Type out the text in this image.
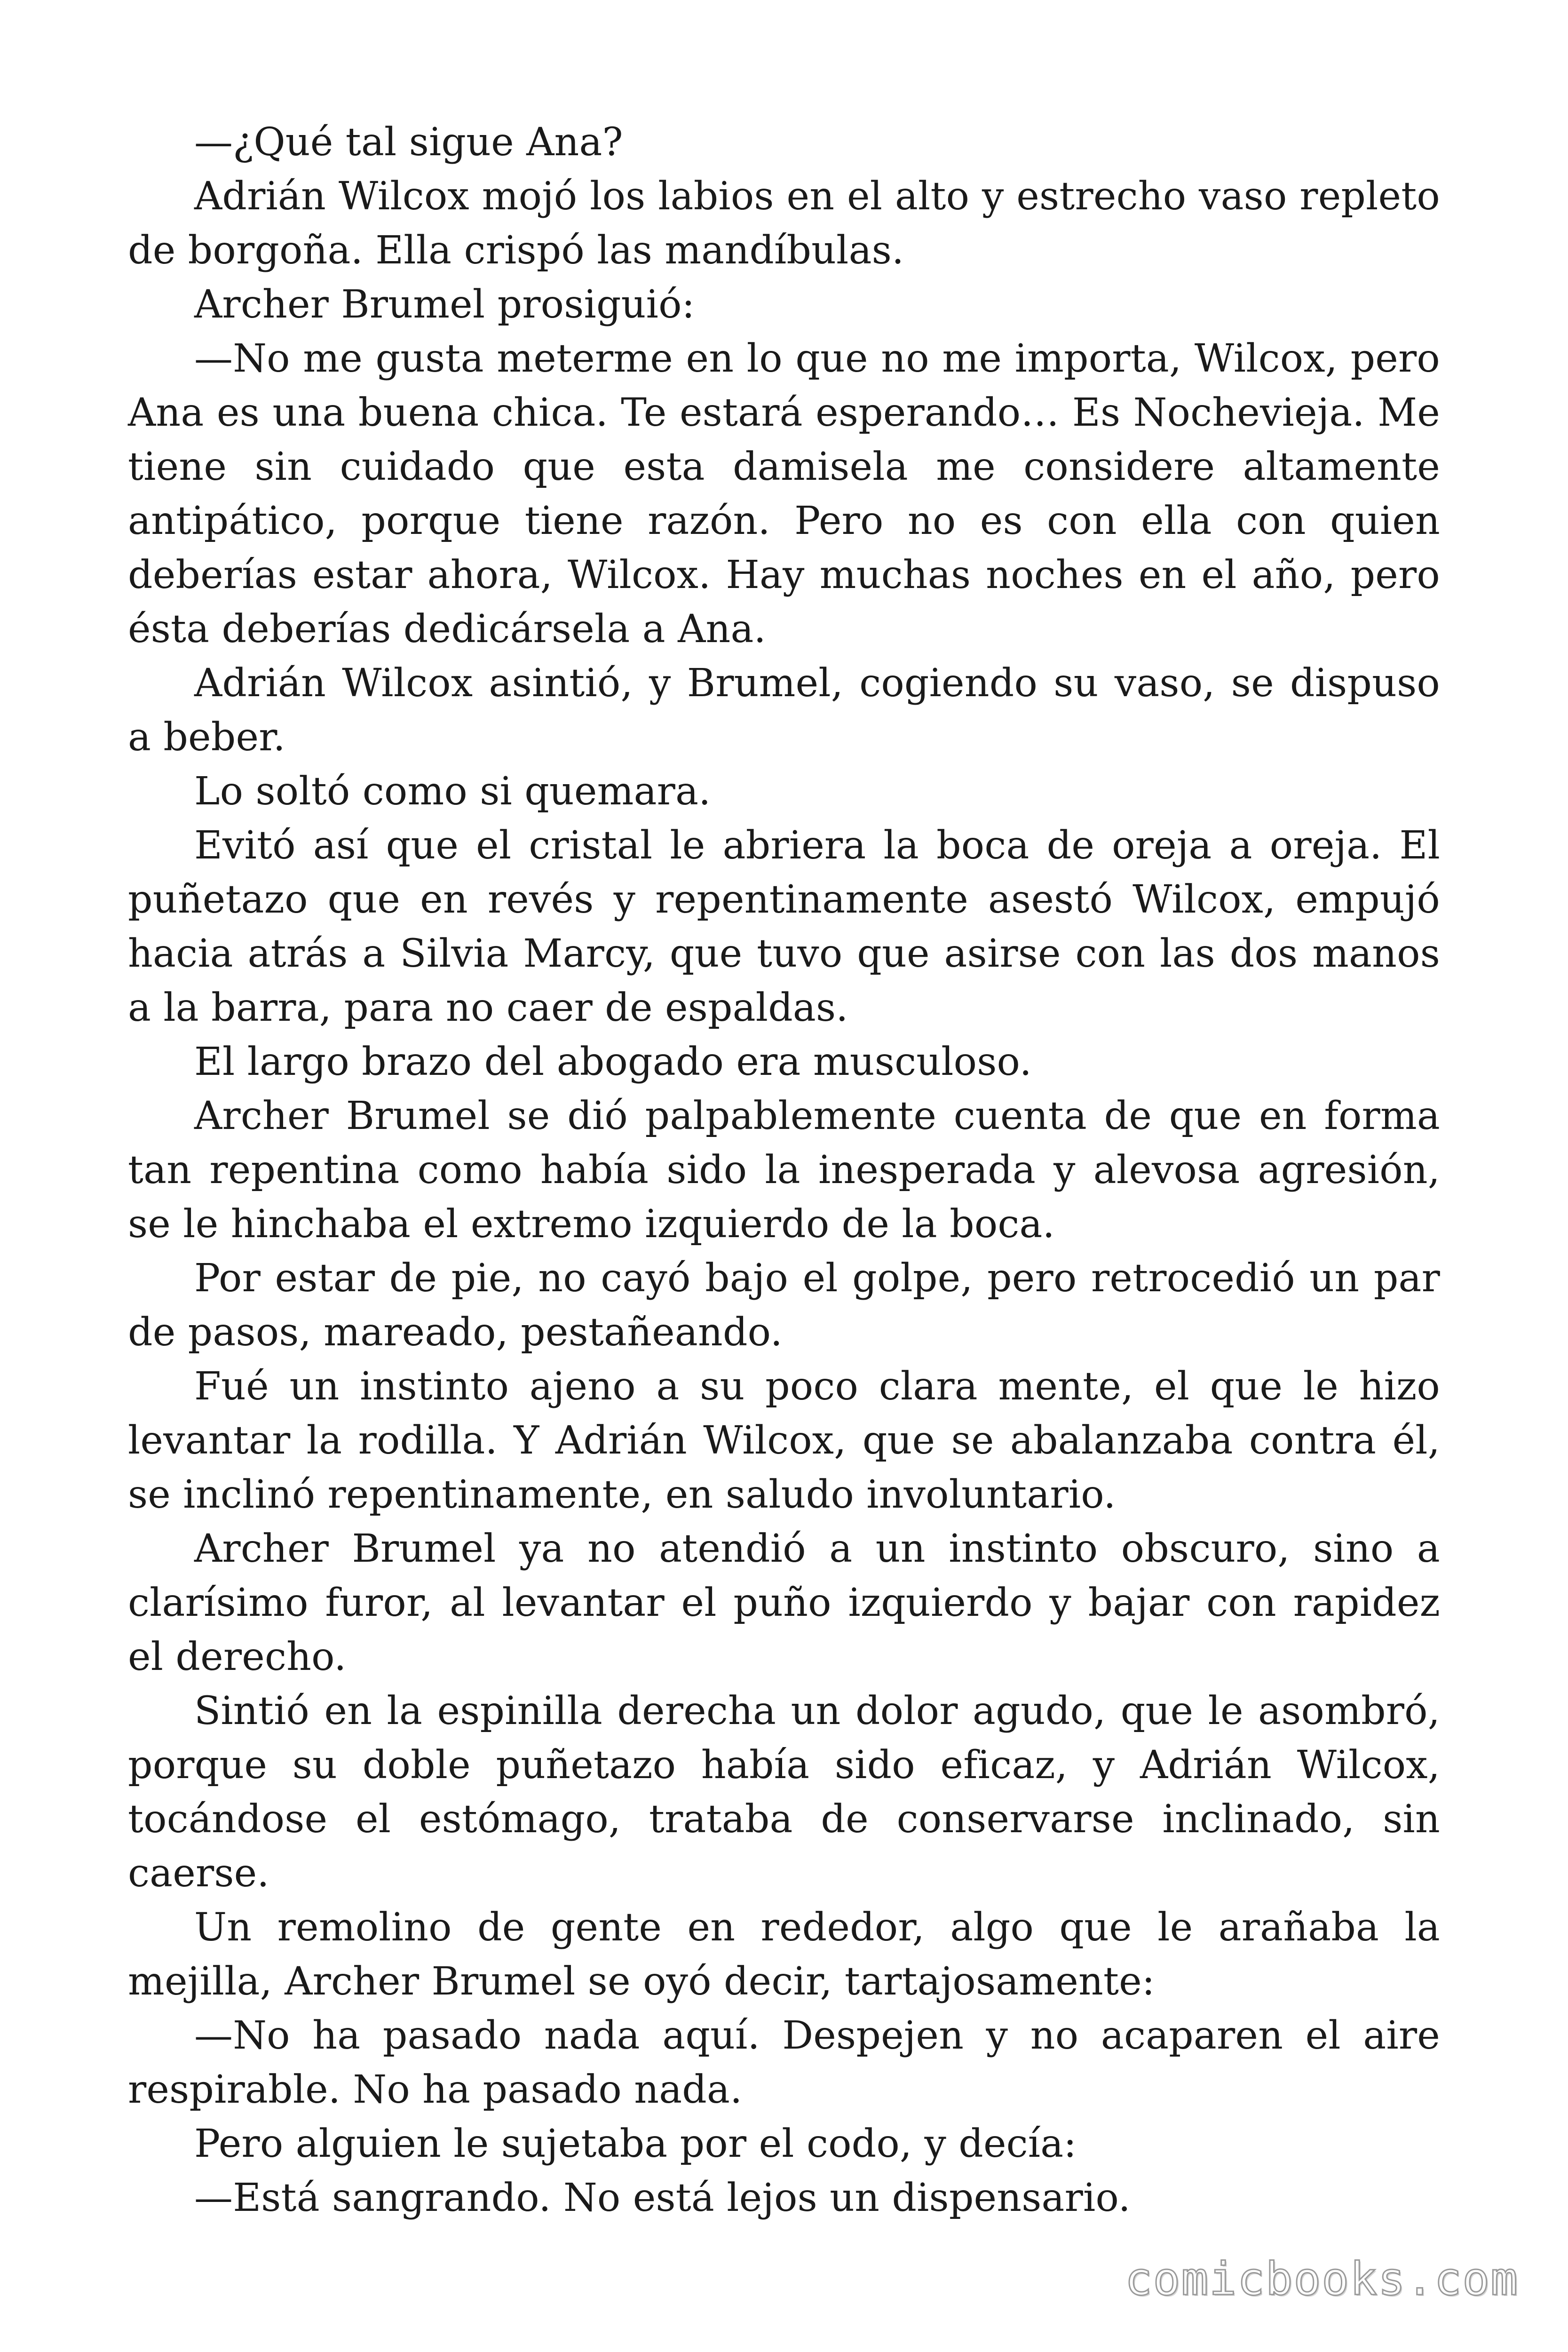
—¿Qué tal sigue Ana?

Adrián Wilcox mojó los labios en el alto y estrecho vaso repleto de borgoña. Ella crispó las mandíbulas.

Archer Brumel prosiguió:

—No me gusta meterme en lo que no me importa, Wilcox, pero Ana es una buena chica. Te estará esperando… Es Nochevieja. Me tiene sin cuidado que esta damisela me considere altamente antipático, porque tiene razón. Pero no es con ella con quien deberías estar ahora, Wilcox. Hay muchas noches en el año, pero ésta deberías dedicársela a Ana.

Adrián Wilcox asintió, y Brumel, cogiendo su vaso, se dispuso a beber.

Lo soltó como si quemara.

Evitó así que el cristal le abriera la boca de oreja a oreja. El puñetazo que en revés y repentinamente asestó Wilcox, empujó hacia atrás a Silvia Marcy, que tuvo que asirse con las dos manos a la barra, para no caer de espaldas.

El largo brazo del abogado era musculoso.

Archer Brumel se dió palpablemente cuenta de que en forma tan repentina como había sido la inesperada y alevosa agresión, se le hinchaba el extremo izquierdo de la boca.

Por estar de pie, no cayó bajo el golpe, pero retrocedió un par de pasos, mareado, pestañeando.

Fué un instinto ajeno a su poco clara mente, el que le hizo levantar la rodilla. Y Adrián Wilcox, que se abalanzaba contra él, se inclinó repentinamente, en saludo involuntario.

Archer Brumel ya no atendió a un instinto obscuro, sino a clarísimo furor, al levantar el puño izquierdo y bajar con rapidez el derecho.

Sintió en la espinilla derecha un dolor agudo, que le asombró, porque su doble puñetazo había sido eficaz, y Adrián Wilcox, tocándose el estómago, trataba de conservarse inclinado, sin caerse.

Un remolino de gente en rededor, algo que le arañaba la mejilla, Archer Brumel se oyó decir, tartajosamente:

—No ha pasado nada aquí. Despejen y no acaparen el aire respirable. No ha pasado nada.

Pero alguien le sujetaba por el codo, y decía:

—Está sangrando. No está lejos un dispensario.

comicbooks.com
